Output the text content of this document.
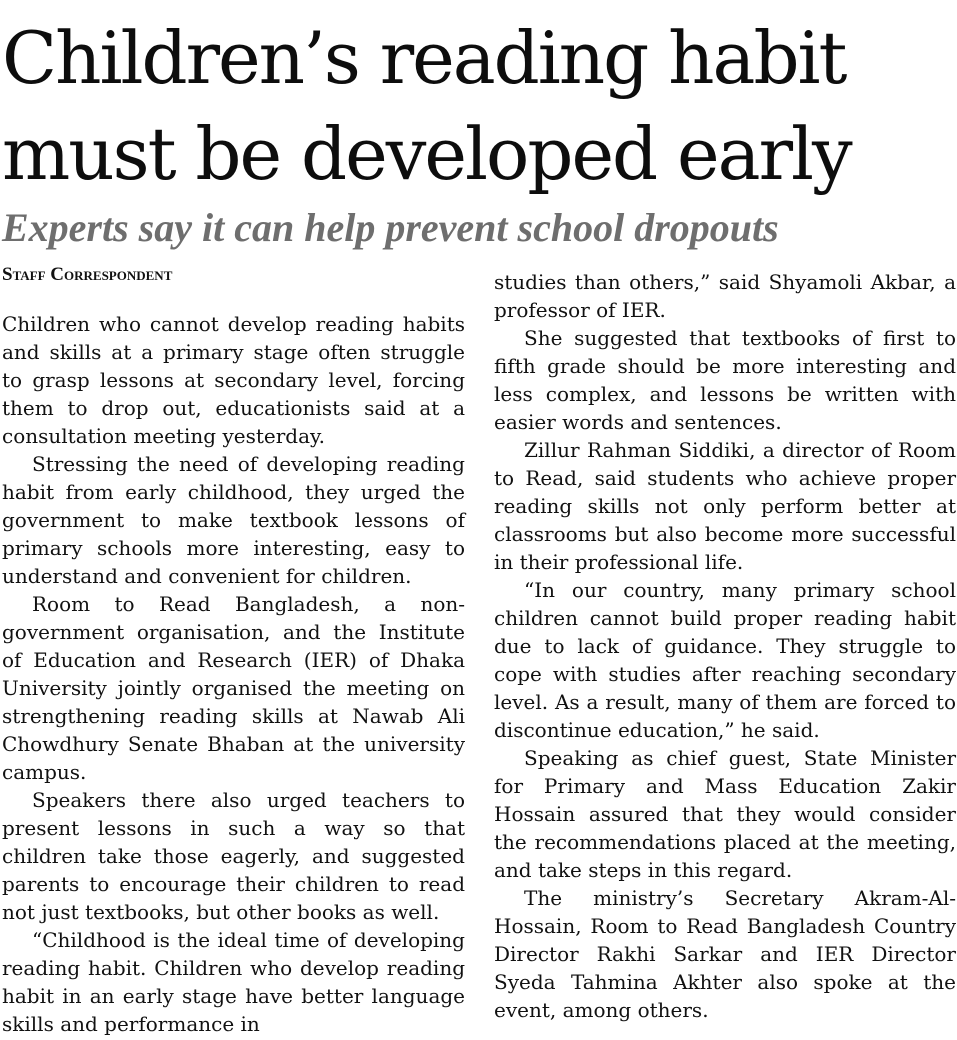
Children’s reading habit
must be developed early
Experts say it can help prevent school dropouts
Staff Correspondent

Children who cannot develop reading habits and skills at a primary stage often struggle to grasp lessons at secondary level, forcing them to drop out, educationists said at a consultation meeting yesterday.

Stressing the need of developing reading habit from early childhood, they urged the government to make textbook lessons of primary schools more interesting, easy to understand and convenient for children.

Room to Read Bangladesh, a non-government organisation, and the Institute of Education and Research (IER) of Dhaka University jointly organised the meeting on strengthening reading skills at Nawab Ali Chowdhury Senate Bhaban at the university campus.

Speakers there also urged teachers to present lessons in such a way so that children take those eagerly, and suggested parents to encourage their children to read not just textbooks, but other books as well.

“Childhood is the ideal time of developing reading habit. Children who develop reading habit in an early stage have better language skills and performance in

studies than others,” said Shyamoli Akbar, a professor of IER.

She suggested that textbooks of first to fifth grade should be more interesting and less complex, and lessons be written with easier words and sentences.

Zillur Rahman Siddiki, a director of Room to Read, said students who achieve proper reading skills not only perform better at classrooms but also become more successful in their professional life.

“In our country, many primary school children cannot build proper reading habit due to lack of guidance. They struggle to cope with studies after reaching secondary level. As a result, many of them are forced to discontinue education,” he said.

Speaking as chief guest, State Minister for Primary and Mass Education Zakir Hossain assured that they would consider the recommendations placed at the meeting, and take steps in this regard.

The ministry’s Secretary Akram-Al-Hossain, Room to Read Bangladesh Country Director Rakhi Sarkar and IER Director Syeda Tahmina Akhter also spoke at the event, among others.
